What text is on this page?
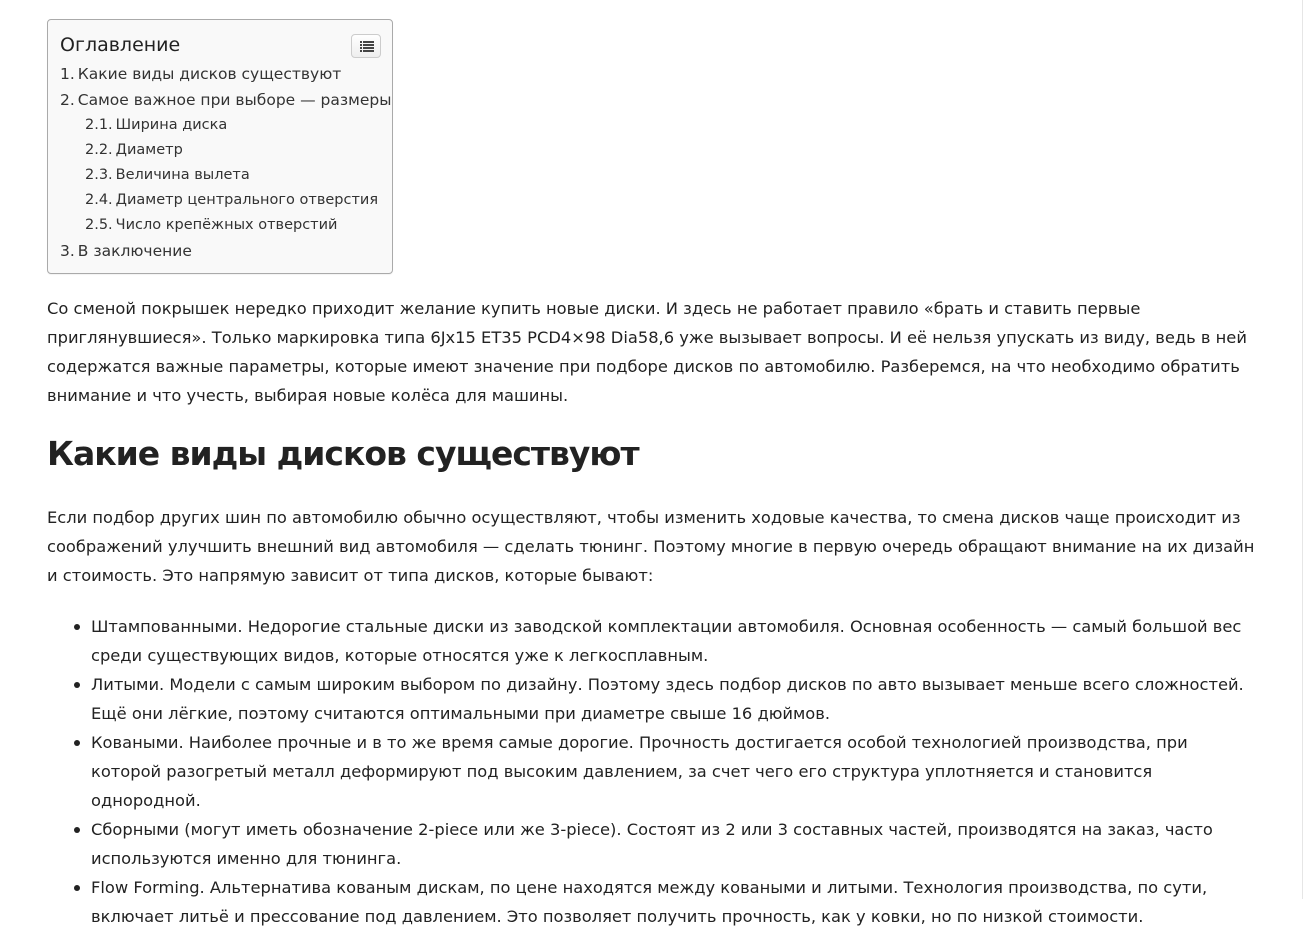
Оглавление
1. Какие виды дисков существуют
2. Самое важное при выборе — размеры
2.1. Ширина диска
2.2. Диаметр
2.3. Величина вылета
2.4. Диаметр центрального отверстия
2.5. Число крепёжных отверстий
3. В заключение

Со сменой покрышек нередко приходит желание купить новые диски. И здесь не работает правило «брать и ставить первые приглянувшиеся». Только маркировка типа 6Jx15 ET35 PCD4×98 Dia58,6 уже вызывает вопросы. И её нельзя упускать из виду, ведь в ней содержатся важные параметры, которые имеют значение при подборе дисков по автомобилю. Разберемся, на что необходимо обратить внимание и что учесть, выбирая новые колёса для машины.

Какие виды дисков существуют

Если подбор других шин по автомобилю обычно осуществляют, чтобы изменить ходовые качества, то смена дисков чаще происходит из соображений улучшить внешний вид автомобиля — сделать тюнинг. Поэтому многие в первую очередь обращают внимание на их дизайн и стоимость. Это напрямую зависит от типа дисков, которые бывают:

Штампованными. Недорогие стальные диски из заводской комплектации автомобиля. Основная особенность — самый большой вес среди существующих видов, которые относятся уже к легкосплавным.
Литыми. Модели с самым широким выбором по дизайну. Поэтому здесь подбор дисков по авто вызывает меньше всего сложностей. Ещё они лёгкие, поэтому считаются оптимальными при диаметре свыше 16 дюймов.
Коваными. Наиболее прочные и в то же время самые дорогие. Прочность достигается особой технологией производства, при которой разогретый металл деформируют под высоким давлением, за счет чего его структура уплотняется и становится однородной.
Сборными (могут иметь обозначение 2-piece или же 3-piece). Состоят из 2 или 3 составных частей, производятся на заказ, часто используются именно для тюнинга.
Flow Forming. Альтернатива кованым дискам, по цене находятся между коваными и литыми. Технология производства, по сути, включает литьё и прессование под давлением. Это позволяет получить прочность, как у ковки, но по низкой стоимости.
